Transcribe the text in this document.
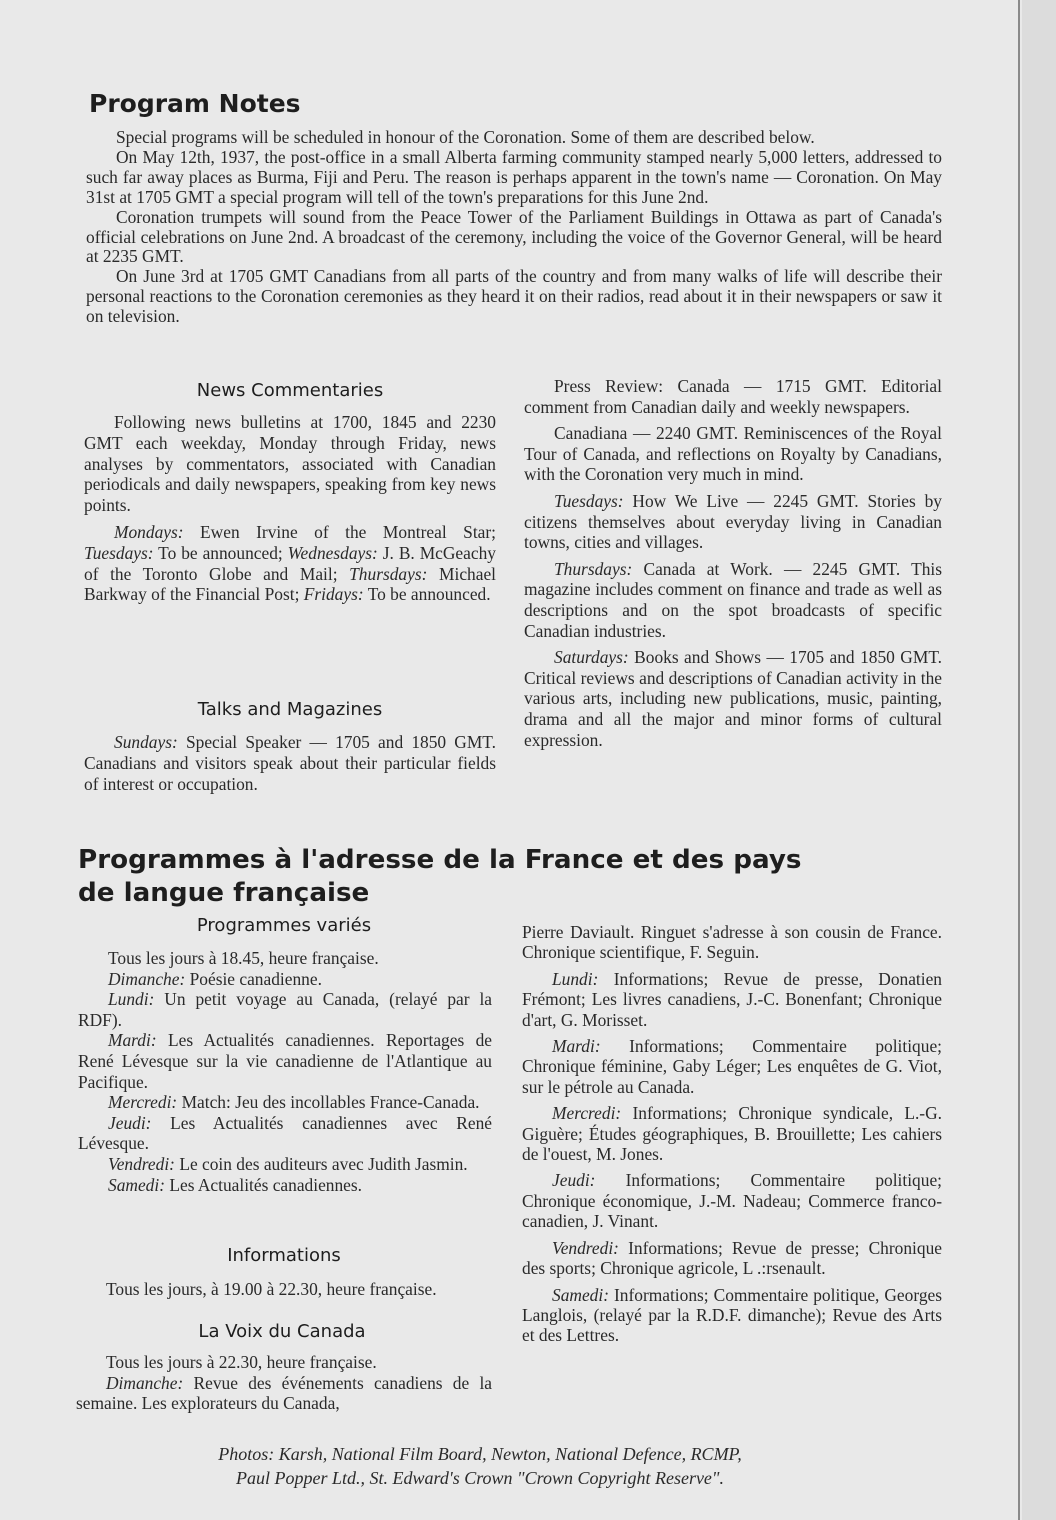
Program Notes

Special programs will be scheduled in honour of the Coronation. Some of them are described below.

On May 12th, 1937, the post-office in a small Alberta farming community stamped nearly 5,000 letters, addressed to such far away places as Burma, Fiji and Peru. The reason is perhaps apparent in the town's name — Coronation. On May 31st at 1705 GMT a special program will tell of the town's preparations for this June 2nd.

Coronation trumpets will sound from the Peace Tower of the Parliament Buildings in Ottawa as part of Canada's official celebrations on June 2nd. A broadcast of the ceremony, including the voice of the Governor General, will be heard at 2235 GMT.

On June 3rd at 1705 GMT Canadians from all parts of the country and from many walks of life will describe their personal reactions to the Coronation ceremonies as they heard it on their radios, read about it in their newspapers or saw it on television.

News Commentaries

Following news bulletins at 1700, 1845 and 2230 GMT each weekday, Monday through Friday, news analyses by commentators, associated with Canadian periodicals and daily newspapers, speaking from key news points.

Mondays: Ewen Irvine of the Montreal Star; Tuesdays: To be announced; Wednesdays: J. B. McGeachy of the Toronto Globe and Mail; Thursdays: Michael Barkway of the Financial Post; Fridays: To be announced.

Talks and Magazines

Sundays: Special Speaker — 1705 and 1850 GMT. Canadians and visitors speak about their particular fields of interest or occupation.

Press Review: Canada — 1715 GMT. Editorial comment from Canadian daily and weekly newspapers.

Canadiana — 2240 GMT. Reminiscences of the Royal Tour of Canada, and reflections on Royalty by Canadians, with the Coronation very much in mind.

Tuesdays: How We Live — 2245 GMT. Stories by citizens themselves about everyday living in Canadian towns, cities and villages.

Thursdays: Canada at Work. — 2245 GMT. This magazine includes comment on finance and trade as well as descriptions and on the spot broadcasts of specific Canadian industries.

Saturdays: Books and Shows — 1705 and 1850 GMT. Critical reviews and descriptions of Canadian activity in the various arts, including new publications, music, painting, drama and all the major and minor forms of cultural expression.

Programmes à l'adresse de la France et des pays
de langue française
Programmes variés

Tous les jours à 18.45, heure française.

Dimanche: Poésie canadienne.

Lundi: Un petit voyage au Canada, (relayé par la RDF).

Mardi: Les Actualités canadiennes. Reportages de René Lévesque sur la vie canadienne de l'Atlantique au Pacifique.

Mercredi: Match: Jeu des incollables France-Canada.

Jeudi: Les Actualités canadiennes avec René Lévesque.

Vendredi: Le coin des auditeurs avec Judith Jasmin.

Samedi: Les Actualités canadiennes.

Informations

Tous les jours, à 19.00 à 22.30, heure française.

La Voix du Canada

Tous les jours à 22.30, heure française.

Dimanche: Revue des événements canadiens de la semaine. Les explorateurs du Canada,

Pierre Daviault. Ringuet s'adresse à son cousin de France. Chronique scientifique, F. Seguin.

Lundi: Informations; Revue de presse, Donatien Frémont; Les livres canadiens, J.-C. Bonenfant; Chronique d'art, G. Morisset.

Mardi: Informations; Commentaire politique; Chronique féminine, Gaby Léger; Les enquêtes de G. Viot, sur le pétrole au Canada.

Mercredi: Informations; Chronique syndicale, L.-G. Giguère; Études géographiques, B. Brouillette; Les cahiers de l'ouest, M. Jones.

Jeudi: Informations; Commentaire politique; Chronique économique, J.-M. Nadeau; Commerce franco-canadien, J. Vinant.

Vendredi: Informations; Revue de presse; Chronique des sports; Chronique agricole, L .:rsenault.

Samedi: Informations; Commentaire politique, Georges Langlois, (relayé par la R.D.F. dimanche); Revue des Arts et des Lettres.

Photos: Karsh, National Film Board, Newton, National Defence, RCMP,
Paul Popper Ltd., St. Edward's Crown "Crown Copyright Reserve".
